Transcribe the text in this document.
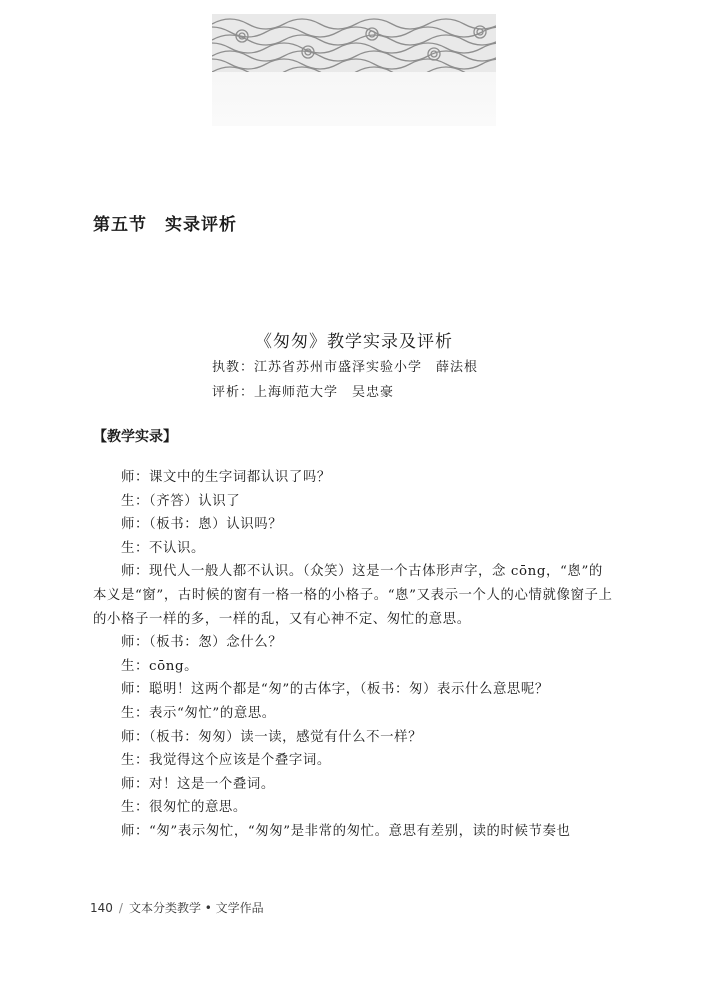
第五节　实录评析
《匆匆》教学实录及评析
执教：江苏省苏州市盛泽实验小学　薛法根
评析：上海师范大学　吴忠豪
【教学实录】

师：课文中的生字词都认识了吗？

生：（齐答）认识了

师：（板书：悤）认识吗？

生：不认识。

师：现代人一般人都不认识。（众笑）这是一个古体形声字，念 cōng，“悤”的本义是“窗”，古时候的窗有一格一格的小格子。“悤”又表示一个人的心情就像窗子上的小格子一样的多，一样的乱，又有心神不定、匆忙的意思。

师：（板书：怱）念什么？

生：cōng。

师：聪明！这两个都是“匆”的古体字，（板书：匆）表示什么意思呢？

生：表示“匆忙”的意思。

师：（板书：匆匆）读一读，感觉有什么不一样？

生：我觉得这个应该是个叠字词。

师：对！这是一个叠词。

生：很匆忙的意思。

师：“匆”表示匆忙，“匆匆”是非常的匆忙。意思有差别，读的时候节奏也

140 / 文本分类教学 • 文学作品
